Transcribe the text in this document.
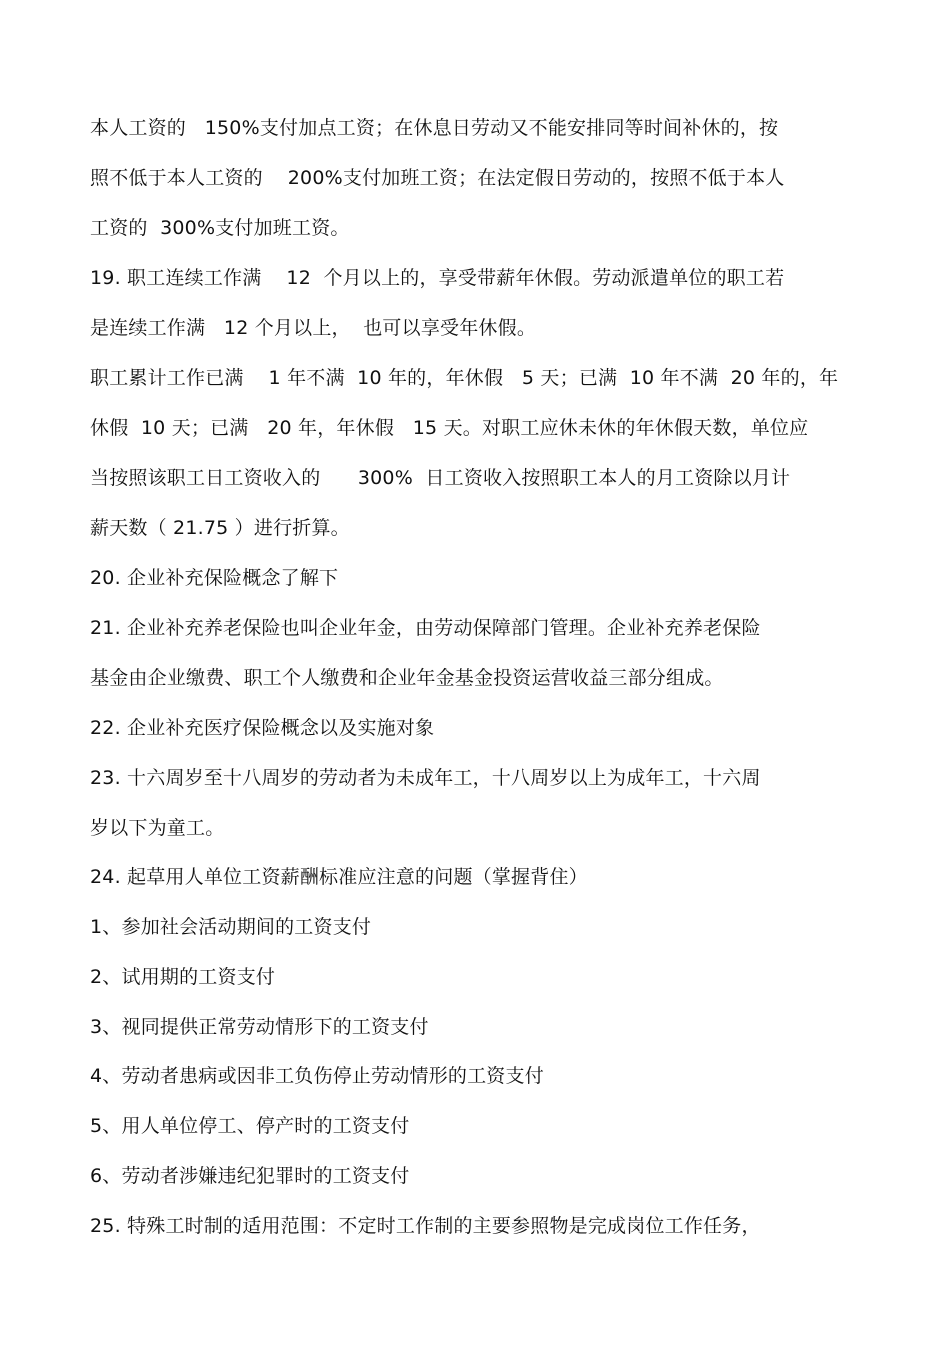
本人工资的   150%支付加点工资；在休息日劳动又不能安排同等时间补休的，按
照不低于本人工资的    200%支付加班工资；在法定假日劳动的，按照不低于本人
工资的  300%支付加班工资。
19. 职工连续工作满    12  个月以上的，享受带薪年休假。劳动派遣单位的职工若
是连续工作满   12 个月以上，  也可以享受年休假。
职工累计工作已满    1 年不满  10 年的，年休假   5 天；已满  10 年不满  20 年的，年
休假  10 天；已满   20 年，年休假   15 天。对职工应休未休的年休假天数，单位应
当按照该职工日工资收入的      300%  日工资收入按照职工本人的月工资除以月计
薪天数（ 21.75 ）进行折算。
20. 企业补充保险概念了解下
21. 企业补充养老保险也叫企业年金，由劳动保障部门管理。企业补充养老保险
基金由企业缴费、职工个人缴费和企业年金基金投资运营收益三部分组成。
22. 企业补充医疗保险概念以及实施对象
23. 十六周岁至十八周岁的劳动者为未成年工，十八周岁以上为成年工，十六周
岁以下为童工。
24. 起草用人单位工资薪酬标准应注意的问题（掌握背住）
1、参加社会活动期间的工资支付
2、试用期的工资支付
3、视同提供正常劳动情形下的工资支付
4、劳动者患病或因非工负伤停止劳动情形的工资支付
5、用人单位停工、停产时的工资支付
6、劳动者涉嫌违纪犯罪时的工资支付
25. 特殊工时制的适用范围：不定时工作制的主要参照物是完成岗位工作任务，
